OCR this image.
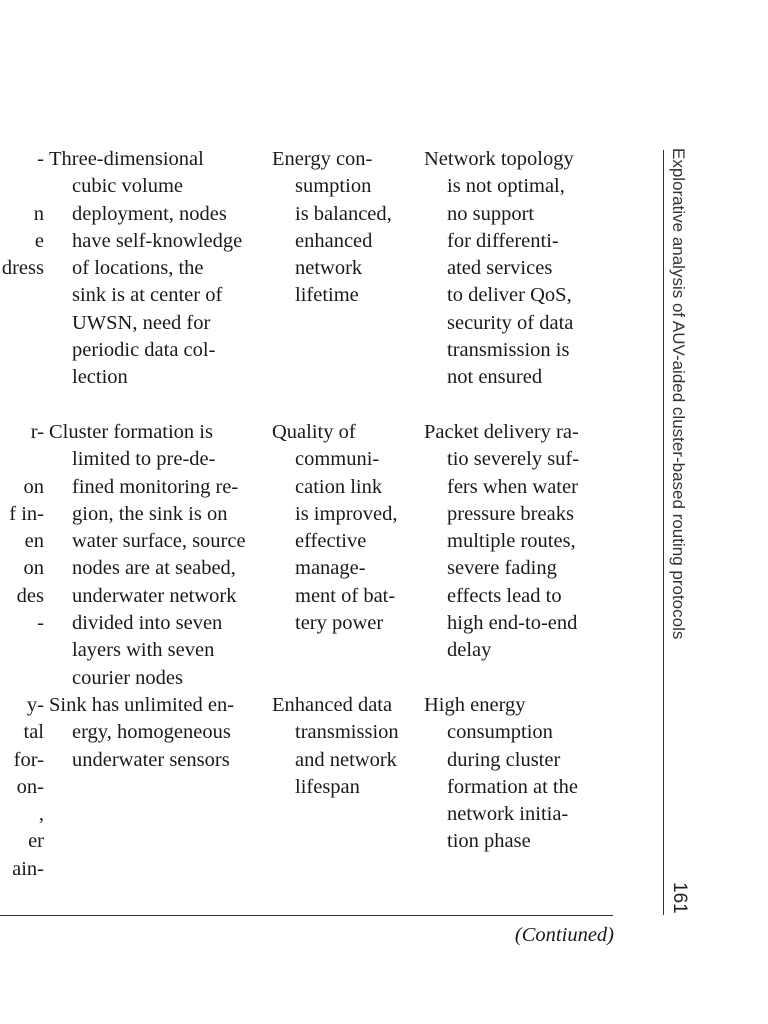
-

n
e
dress
Three-dimensional
cubic volume
deployment, nodes
have self-knowledge
of locations, the
sink is at center of
UWSN, need for
periodic data col-
lection
Energy con-
sumption
is balanced,
enhanced
network
lifetime
Network topology
is not optimal,
no support
for differenti-
ated services
to deliver QoS,
security of data
transmission is
not ensured
r-

on
f in-
en
on
des
-
Cluster formation is
limited to pre-de-
fined monitoring re-
gion, the sink is on
water surface, source
nodes are at seabed,
underwater network
divided into seven
layers with seven
courier nodes
Quality of
communi-
cation link
is improved,
effective
manage-
ment of bat-
tery power
Packet delivery ra-
tio severely suf-
fers when water
pressure breaks
multiple routes,
severe fading
effects lead to
high end-to-end
delay
y-
tal
for-
on-
,
er
ain-
Sink has unlimited en-
ergy, homogeneous
underwater sensors
Enhanced data
transmission
and network
lifespan
High energy
consumption
during cluster
formation at the
network initia-
tion phase
(Contiuned)
Explorative analysis of AUV-aided cluster-based routing protocols
161
